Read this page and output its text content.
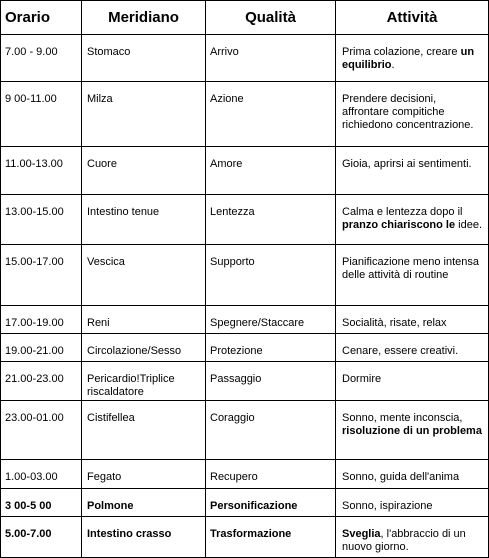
Orario	Meridiano	Qualità	Attività
7.00 - 9.00	Stomaco	Arrivo	Prima colazione, creare un equilibrio.
9 00-11.00	Milza	Azione	Prendere decisioni, affrontare compitiche richiedono concentrazione.
11.00-13.00	Cuore	Amore	Gioia, aprirsi ai sentimenti.
13.00-15.00	Intestino tenue	Lentezza	Calma e lentezza dopo il pranzo chiariscono le idee.
15.00-17.00	Vescica	Supporto	Pianificazione meno intensa delle attività di routine
17.00-19.00	Reni	Spegnere/Staccare	Socialità, risate, relax
19.00-21.00	Circolazione/Sesso	Protezione	Cenare, essere creativi.
21.00-23.00	Pericardio!Triplice riscaldatore	Passaggio	Dormire
23.00-01.00	Cistifellea	Coraggio	Sonno, mente inconscia, risoluzione di un problema
1.00-03.00	Fegato	Recupero	Sonno, guida dell'anima
3 00-5 00	Polmone	Personificazione	Sonno, ispirazione
5.00-7.00	Intestino crasso	Trasformazione	Sveglia, l'abbraccio di un nuovo giorno.
